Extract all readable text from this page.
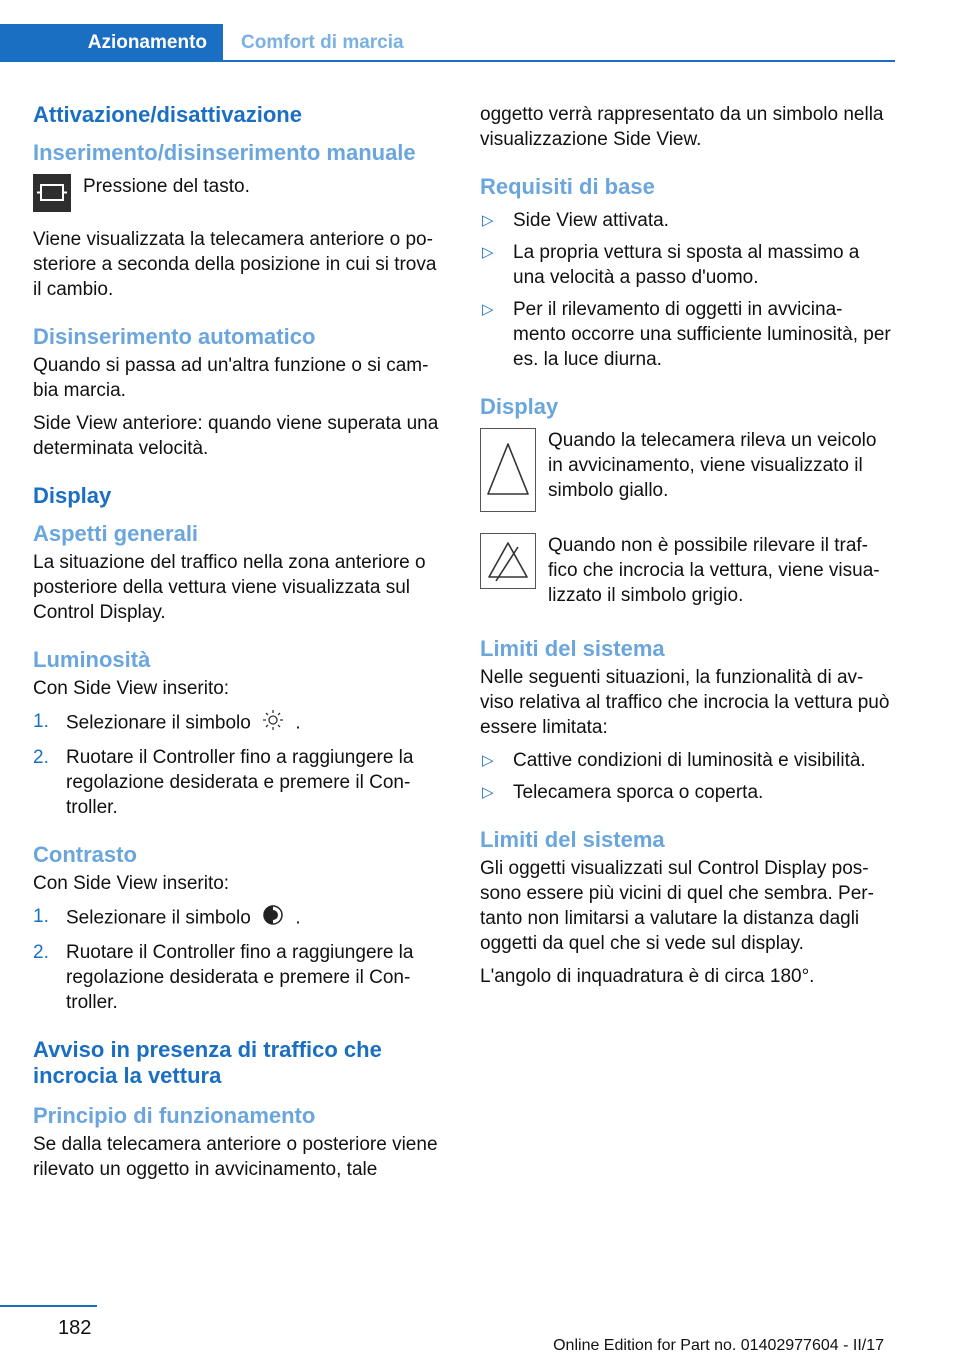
Azionamento	Comfort di marcia
Attivazione/disattivazione
Inserimento/disinserimento manuale
Pressione del tasto.
Viene visualizzata la telecamera anteriore o po‐ steriore a seconda della posizione in cui si trova il cambio.
Disinserimento automatico
Quando si passa ad un'altra funzione o si cam‐ bia marcia.
Side View anteriore: quando viene superata una determinata velocità.
Display
Aspetti generali
La situazione del traffico nella zona anteriore o posteriore della vettura viene visualizzata sul Control Display.
Luminosità
Con Side View inserito:
1. Selezionare il simbolo .
2. Ruotare il Controller fino a raggiungere la regolazione desiderata e premere il Con‐ troller.
Contrasto
Con Side View inserito:
1. Selezionare il simbolo .
2. Ruotare il Controller fino a raggiungere la regolazione desiderata e premere il Con‐ troller.
Avviso in presenza di traffico che incrocia la vettura
Principio di funzionamento
Se dalla telecamera anteriore o posteriore viene rilevato un oggetto in avvicinamento, tale
oggetto verrà rappresentato da un simbolo nella visualizzazione Side View.
Requisiti di base
▷	Side View attivata.
▷	La propria vettura si sposta al massimo a una velocità a passo d'uomo.
▷	Per il rilevamento di oggetti in avvicina‐ mento occorre una sufficiente luminosità, per es. la luce diurna.
Display
Quando la telecamera rileva un veicolo in avvicinamento, viene visualizzato il simbolo giallo.
Quando non è possibile rilevare il traf‐ fico che incrocia la vettura, viene visua‐ lizzato il simbolo grigio.
Limiti del sistema
Nelle seguenti situazioni, la funzionalità di av‐ viso relativa al traffico che incrocia la vettura può essere limitata:
▷	Cattive condizioni di luminosità e visibilità.
▷	Telecamera sporca o coperta.
Limiti del sistema
Gli oggetti visualizzati sul Control Display pos‐ sono essere più vicini di quel che sembra. Per‐ tanto non limitarsi a valutare la distanza dagli oggetti da quel che si vede sul display.
L'angolo di inquadratura è di circa 180°.
182
Online Edition for Part no. 01402977604 - II/17
